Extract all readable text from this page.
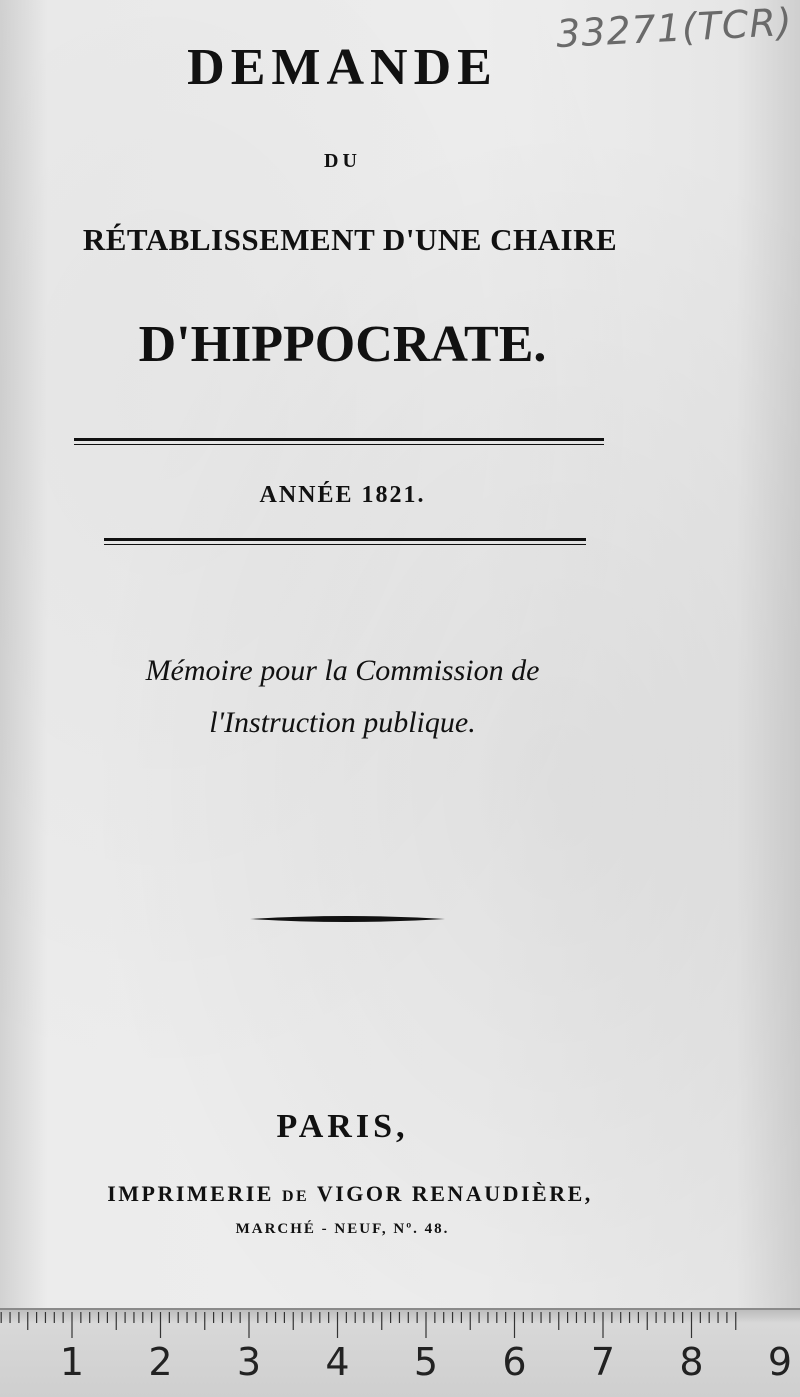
33271(TCR)
DEMANDE
DU
RÉTABLISSEMENT D'UNE CHAIRE
D'HIPPOCRATE.
ANNÉE 1821.
Mémoire pour la Commission de
l'Instruction publique.
PARIS,
IMPRIMERIE DE VIGOR RENAUDIÈRE,
MARCHÉ - NEUF, Nº. 48.
1 2 3 4 5 6 7 8 9
